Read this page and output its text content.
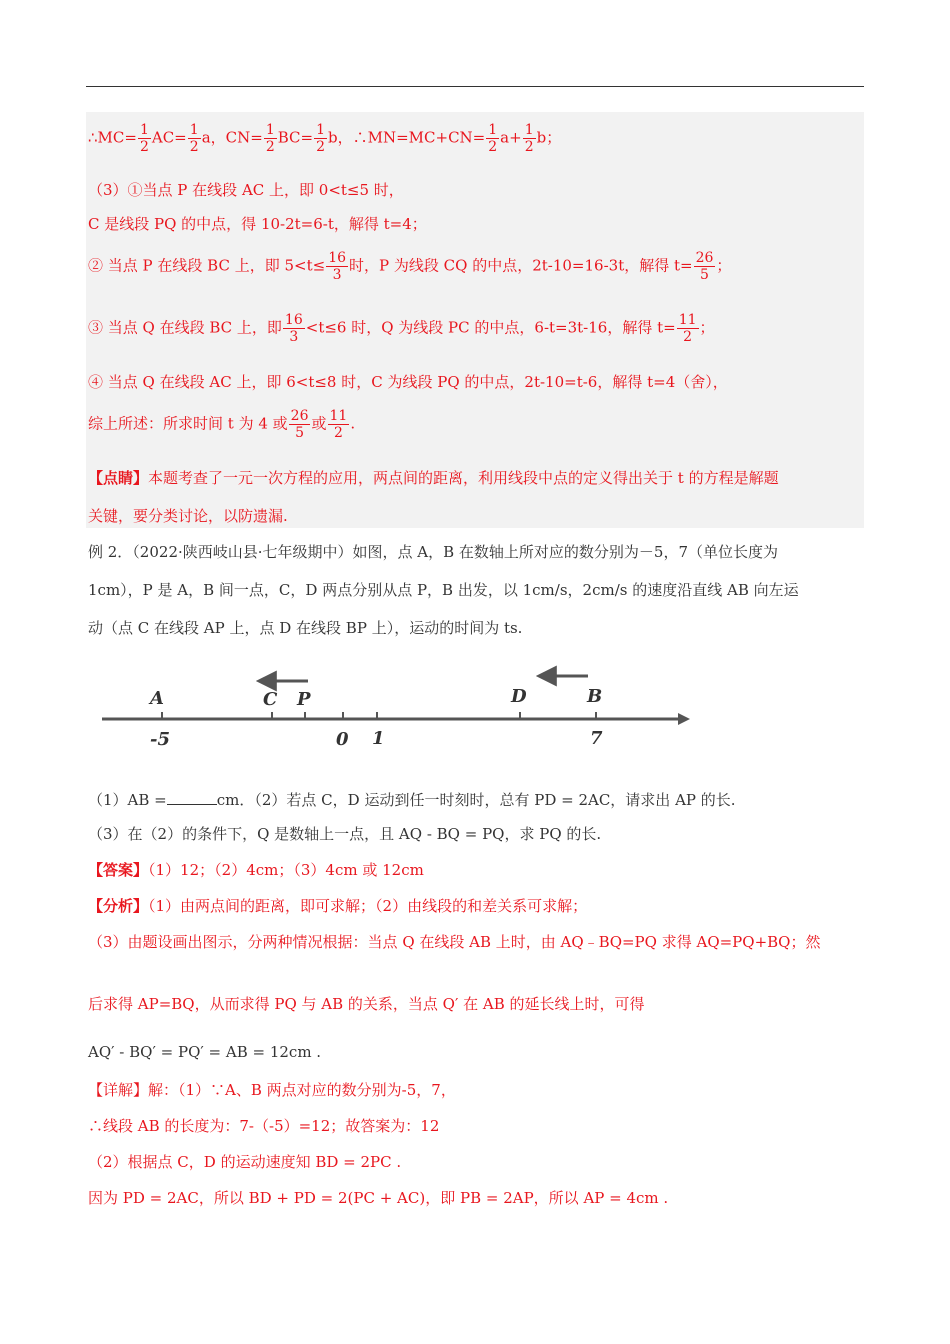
∴MC= $\frac{1}{2} AC= \frac{1}{2}$ a，$CN= \frac{1}{2} BC= \frac{1}{2}$ b，∴MN=MC+CN= $\frac{1}{2} a+ \frac{1}{2}$ b；
（3）①当点 P 在线段 AC 上，即 0<t≤5 时，
C 是线段 PQ 的中点，得 10-2t=6-t，解得 t=4；
② 当点 P 在线段 BC 上，即 $5<t\le \frac{16}{3}$ 时，P 为线段 CQ 的中点，2t-10=16-3t，解得 $t= \frac{26}{5}$ ；
③ 当点 Q 在线段 BC 上，即 $\frac{16}{3} <t\le 6$ 时，Q 为线段 PC 的中点，6-t=3t-16，解得 $t= \frac{11}{2}$ ；
④ 当点 Q 在线段 AC 上，即 6<t≤8 时，C 为线段 PQ 的中点，2t-10=t-6，解得 t=4（舍），
综上所述：所求时间 t 为 4 或 $\frac{26}{5}$ 或 $\frac{11}{2}$ .
【点睛】本题考查了一元一次方程的应用，两点间的距离，利用线段中点的定义得出关于 t 的方程是解题
关键，要分类讨论，以防遗漏.
例 2．（2022·陕西岐山县·七年级期中）如图，点 A，B 在数轴上所对应的数分别为－5，7（单位长度为
1cm），P 是 A，B 间一点，C，D 两点分别从点 P，B 出发，以 1cm/s，2cm/s 的速度沿直线 AB 向左运
动（点 C 在线段 AP 上，点 D 在线段 BP 上），运动的时间为 ts.
A	C P	D	B
-5	0 1	7
（1）AB =	cm．（2）若点 C，D 运动到任一时刻时，总有 PD = 2AC，请求出 AP 的长.
（3）在（2）的条件下，Q 是数轴上一点，且 AQ - BQ = PQ，求 PQ 的长.
【答案】（1）12；（2）4cm；（3）4cm 或 12cm
【分析】（1）由两点间的距离，即可求解；（2）由线段的和差关系可求解；
（3）由题设画出图示，分两种情况根据：当点 Q 在线段 AB 上时，由 AQ﹣BQ=PQ 求得 AQ=PQ+BQ；然
后求得 AP=BQ，从而求得 PQ 与 AB 的关系，当点 Q′ 在 AB 的延长线上时，可得
AQ′ - BQ′ = PQ′ = AB = 12cm .
【详解】解：（1）∵A、B 两点对应的数分别为-5，7，
∴线段 AB 的长度为：7-（-5）=12；故答案为：12
（2）根据点 C，D 的运动速度知 BD = 2PC .
因为 PD = 2AC，所以 BD + PD = 2(PC + AC)，即 PB = 2AP，所以 AP = 4cm .
